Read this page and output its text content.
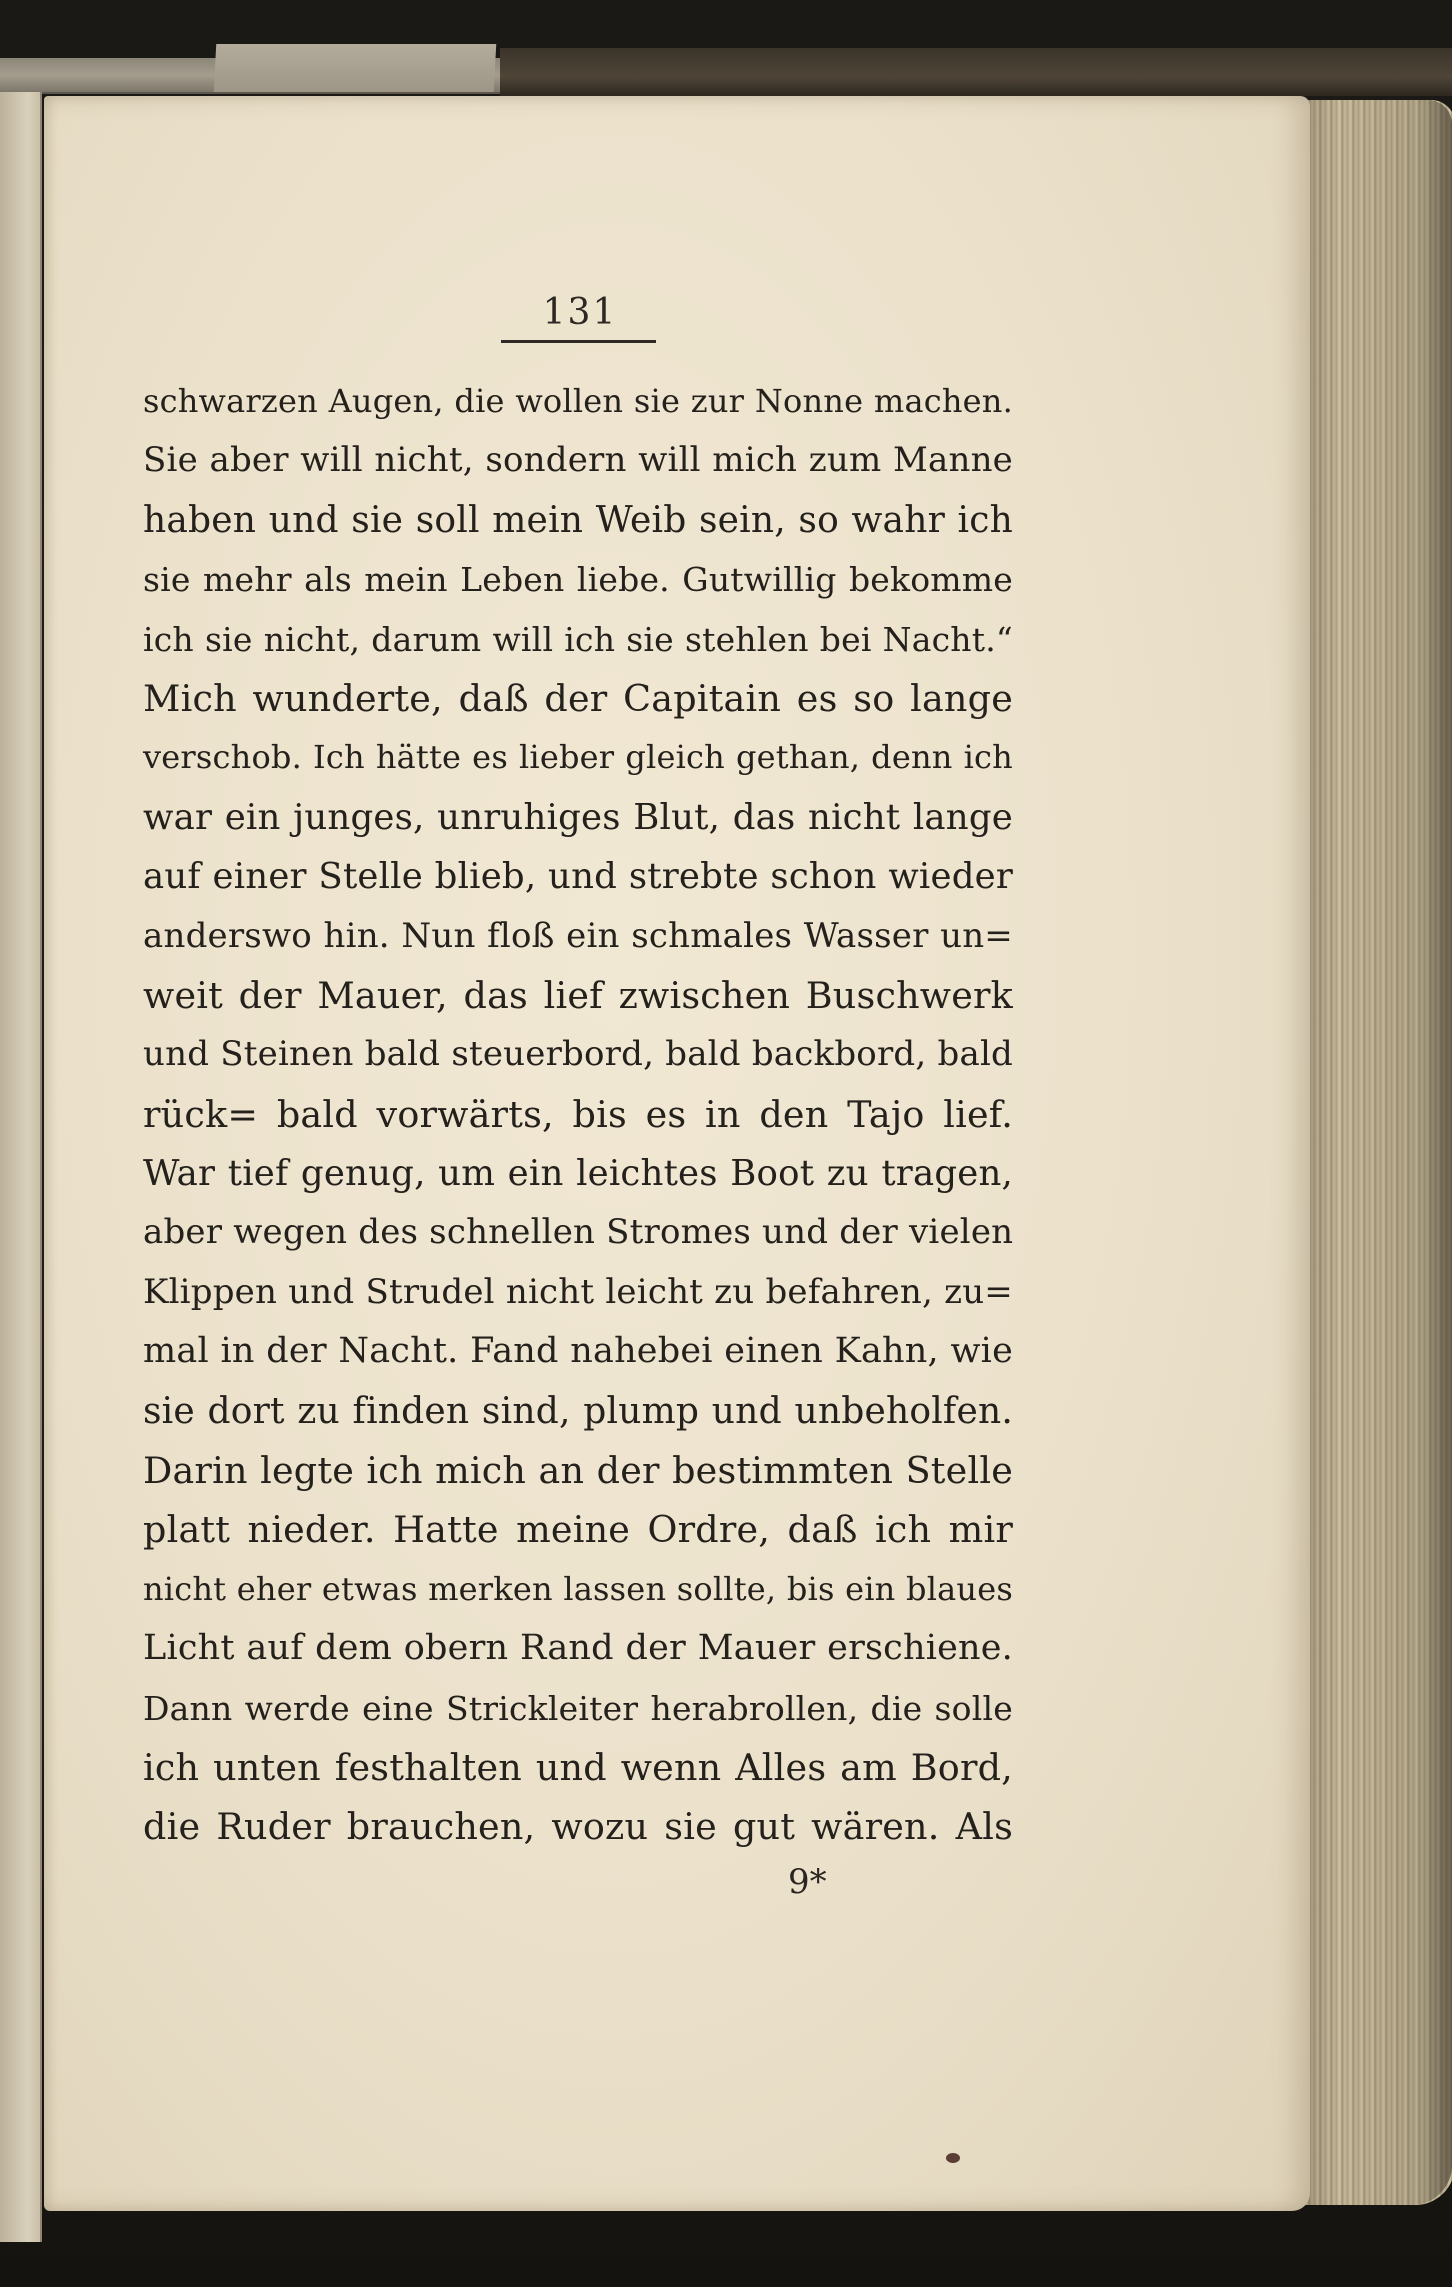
131
schwarzen Augen, die wollen sie zur Nonne machen.
Sie aber will nicht, sondern will mich zum Manne
haben und sie soll mein Weib sein, so wahr ich
sie mehr als mein Leben liebe. Gutwillig bekomme
ich sie nicht, darum will ich sie stehlen bei Nacht.“
Mich wunderte, daß der Capitain es so lange
verschob. Ich hätte es lieber gleich gethan, denn ich
war ein junges, unruhiges Blut, das nicht lange
auf einer Stelle blieb, und strebte schon wieder
anderswo hin. Nun floß ein schmales Wasser un=
weit der Mauer, das lief zwischen Buschwerk
und Steinen bald steuerbord, bald backbord, bald
rück= bald vorwärts, bis es in den Tajo lief.
War tief genug, um ein leichtes Boot zu tragen,
aber wegen des schnellen Stromes und der vielen
Klippen und Strudel nicht leicht zu befahren, zu=
mal in der Nacht. Fand nahebei einen Kahn, wie
sie dort zu finden sind, plump und unbeholfen.
Darin legte ich mich an der bestimmten Stelle
platt nieder. Hatte meine Ordre, daß ich mir
nicht eher etwas merken lassen sollte, bis ein blaues
Licht auf dem obern Rand der Mauer erschiene.
Dann werde eine Strickleiter herabrollen, die solle
ich unten festhalten und wenn Alles am Bord,
die Ruder brauchen, wozu sie gut wären. Als
9*
